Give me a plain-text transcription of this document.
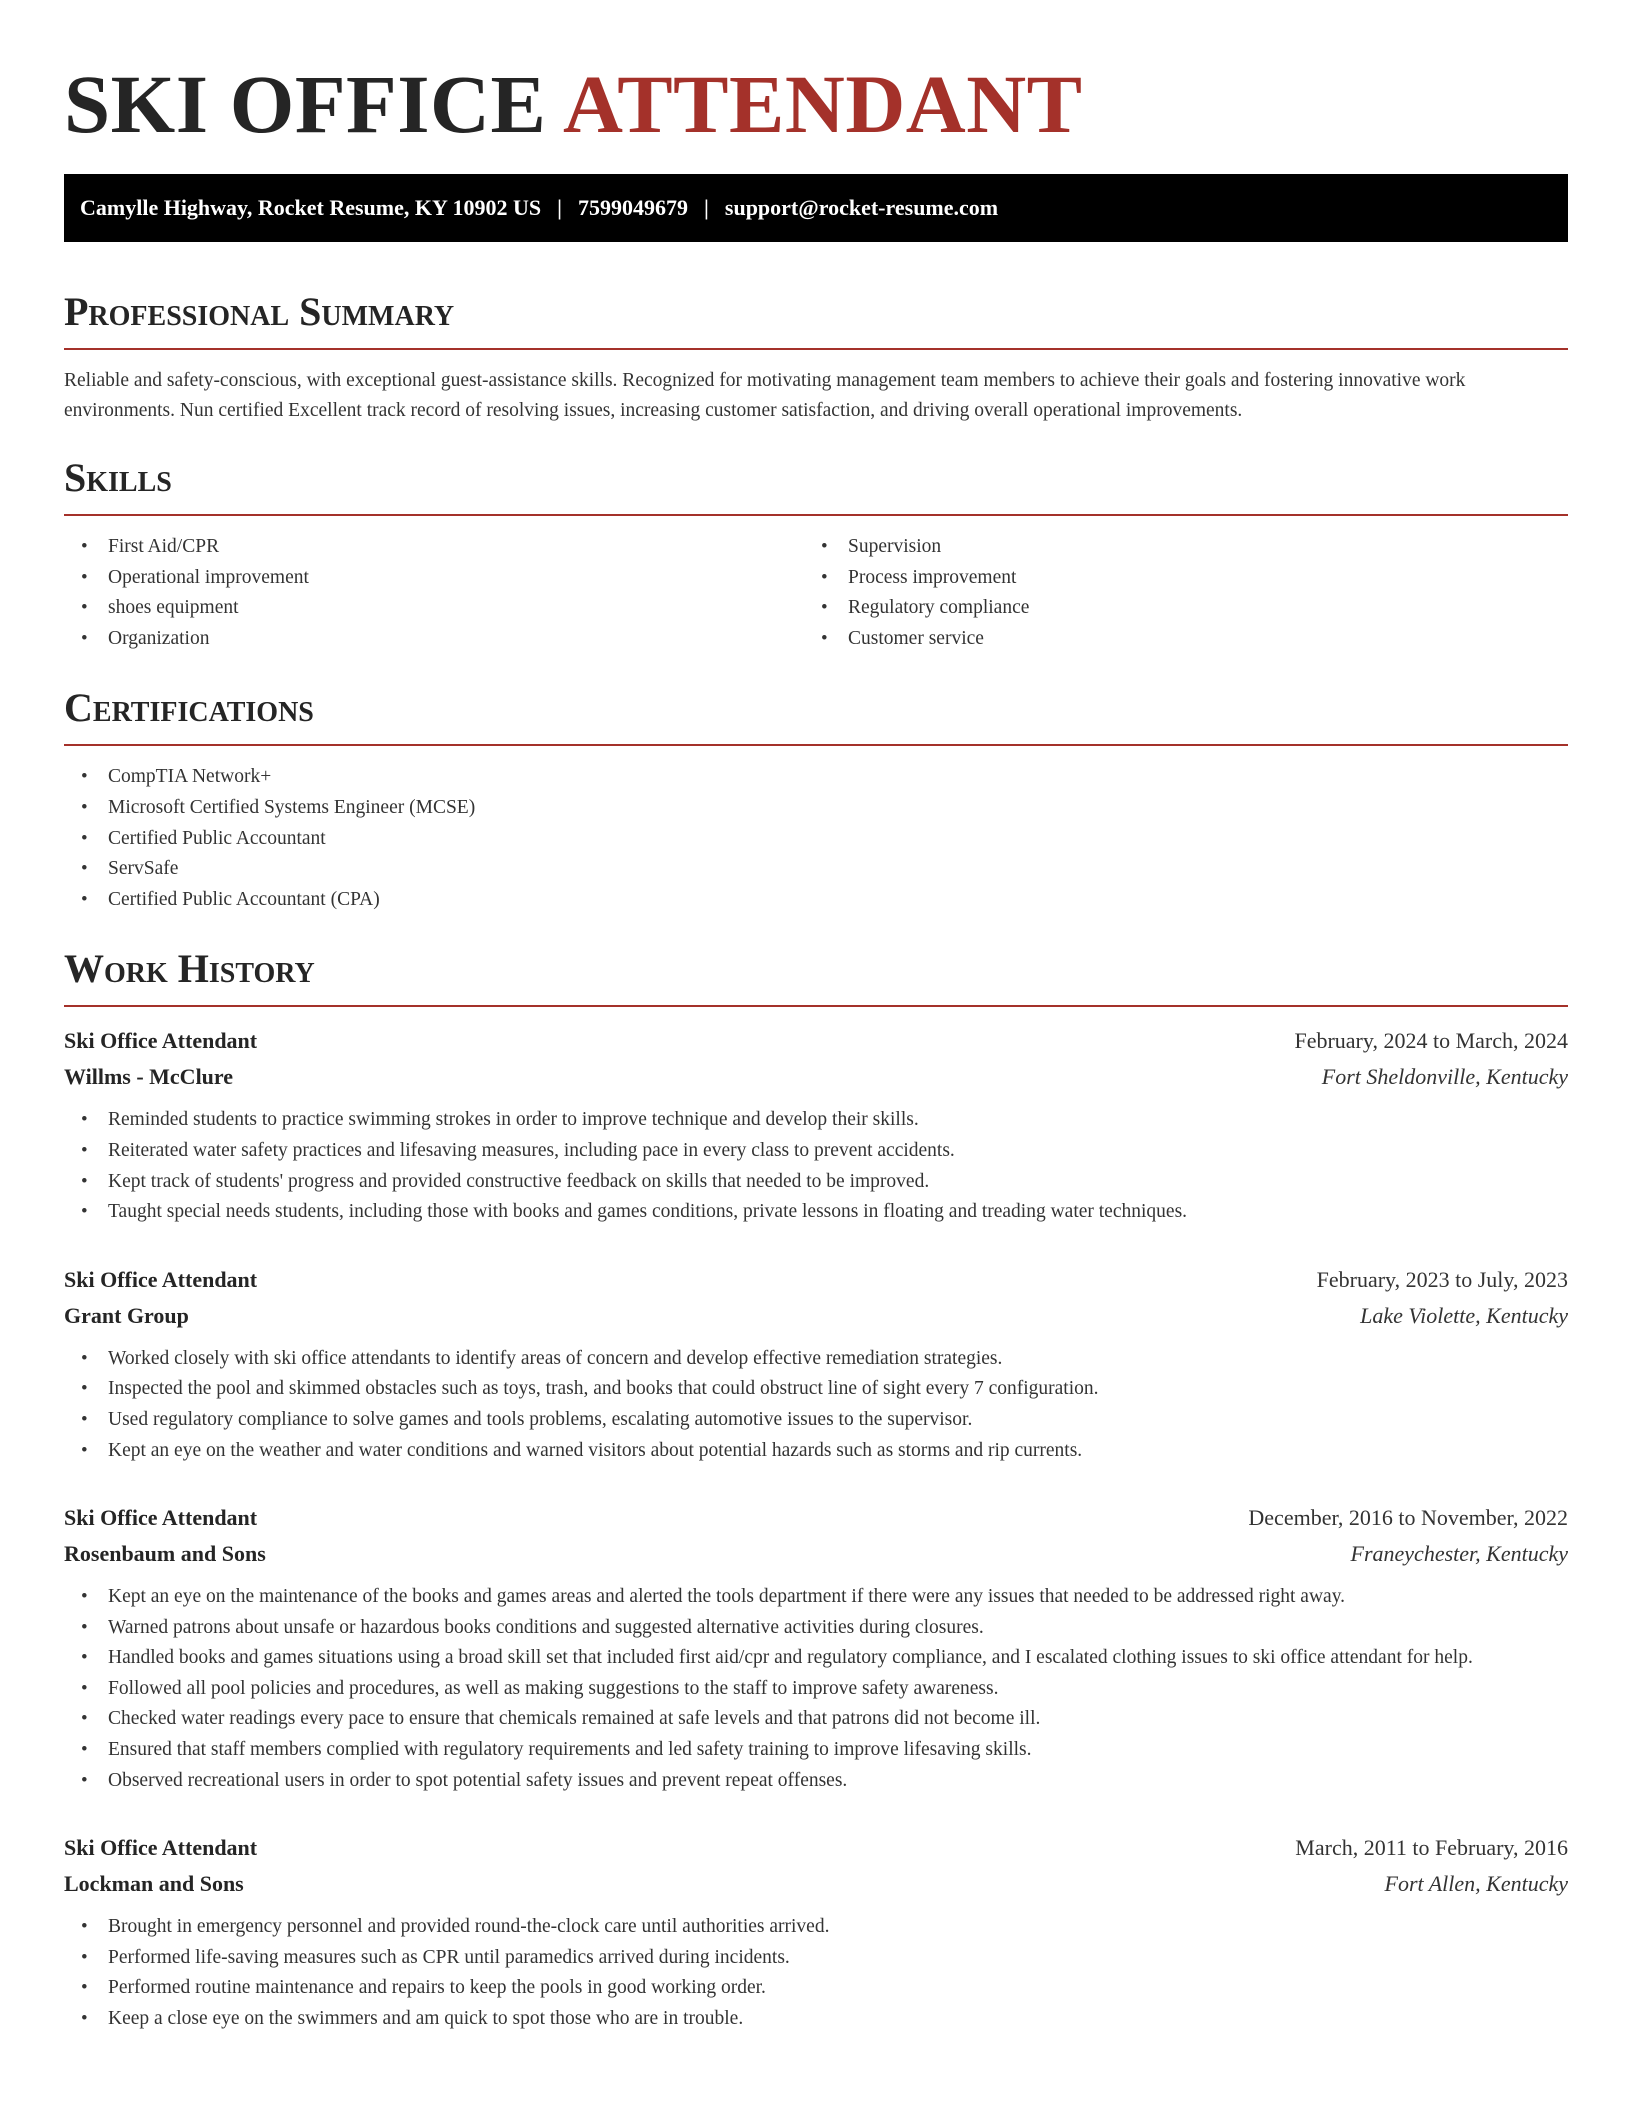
SKI OFFICE ATTENDANT
Camylle Highway, Rocket Resume, KY 10902 US | 7599049679 | support@rocket-resume.com
Professional Summary

Reliable and safety-conscious, with exceptional guest-assistance skills. Recognized for motivating management team members to achieve their goals and fostering innovative work environments. Nun certified Excellent track record of resolving issues, increasing customer satisfaction, and driving overall operational improvements.

Skills
• First Aid/CPR
• Operational improvement
• shoes equipment
• Organization
• Supervision
• Process improvement
• Regulatory compliance
• Customer service
Certifications
• CompTIA Network+
• Microsoft Certified Systems Engineer (MCSE)
• Certified Public Accountant
• ServSafe
• Certified Public Accountant (CPA)
Work History
Ski Office Attendant	February, 2024 to March, 2024
Willms - McClure	Fort Sheldonville, Kentucky
• Reminded students to practice swimming strokes in order to improve technique and develop their skills.
• Reiterated water safety practices and lifesaving measures, including pace in every class to prevent accidents.
• Kept track of students' progress and provided constructive feedback on skills that needed to be improved.
• Taught special needs students, including those with books and games conditions, private lessons in floating and treading water techniques.
Ski Office Attendant	February, 2023 to July, 2023
Grant Group	Lake Violette, Kentucky
• Worked closely with ski office attendants to identify areas of concern and develop effective remediation strategies.
• Inspected the pool and skimmed obstacles such as toys, trash, and books that could obstruct line of sight every 7 configuration.
• Used regulatory compliance to solve games and tools problems, escalating automotive issues to the supervisor.
• Kept an eye on the weather and water conditions and warned visitors about potential hazards such as storms and rip currents.
Ski Office Attendant	December, 2016 to November, 2022
Rosenbaum and Sons	Franeychester, Kentucky
• Kept an eye on the maintenance of the books and games areas and alerted the tools department if there were any issues that needed to be addressed right away.
• Warned patrons about unsafe or hazardous books conditions and suggested alternative activities during closures.
• Handled books and games situations using a broad skill set that included first aid/cpr and regulatory compliance, and I escalated clothing issues to ski office attendant for help.
• Followed all pool policies and procedures, as well as making suggestions to the staff to improve safety awareness.
• Checked water readings every pace to ensure that chemicals remained at safe levels and that patrons did not become ill.
• Ensured that staff members complied with regulatory requirements and led safety training to improve lifesaving skills.
• Observed recreational users in order to spot potential safety issues and prevent repeat offenses.
Ski Office Attendant	March, 2011 to February, 2016
Lockman and Sons	Fort Allen, Kentucky
• Brought in emergency personnel and provided round-the-clock care until authorities arrived.
• Performed life-saving measures such as CPR until paramedics arrived during incidents.
• Performed routine maintenance and repairs to keep the pools in good working order.
• Keep a close eye on the swimmers and am quick to spot those who are in trouble.
